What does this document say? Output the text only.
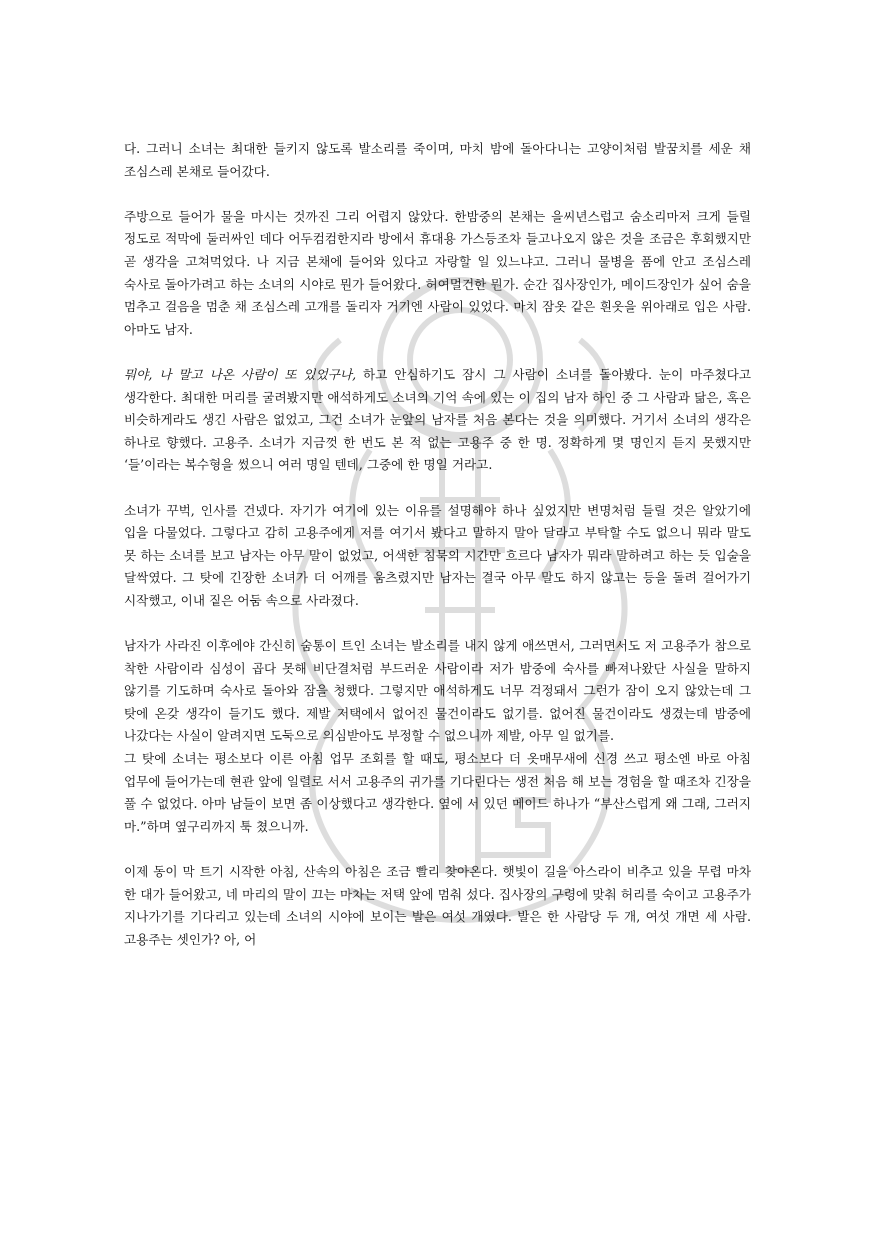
다. 그러니 소녀는 최대한 들키지 않도록 발소리를 죽이며, 마치 밤에 돌아다니는 고양이처럼 발꿈치를 세운 채 조심스레 본채로 들어갔다.

주방으로 들어가 물을 마시는 것까진 그리 어렵지 않았다. 한밤중의 본채는 을씨년스럽고 숨소리마저 크게 들릴 정도로 적막에 둘러싸인 데다 어두컴컴한지라 방에서 휴대용 가스등조차 들고나오지 않은 것을 조금은 후회했지만 곧 생각을 고쳐먹었다. 나 지금 본채에 들어와 있다고 자랑할 일 있느냐고. 그러니 물병을 품에 안고 조심스레 숙사로 돌아가려고 하는 소녀의 시야로 뭔가 들어왔다. 허여멀건한 뭔가. 순간 집사장인가, 메이드장인가 싶어 숨을 멈추고 걸음을 멈춘 채 조심스레 고개를 돌리자 거기엔 사람이 있었다. 마치 잠옷 같은 흰옷을 위아래로 입은 사람. 아마도 남자.

뭐야, 나 말고 나온 사람이 또 있었구나, 하고 안심하기도 잠시 그 사람이 소녀를 돌아봤다. 눈이 마주쳤다고 생각한다. 최대한 머리를 굴려봤지만 애석하게도 소녀의 기억 속에 있는 이 집의 남자 하인 중 그 사람과 닮은, 혹은 비슷하게라도 생긴 사람은 없었고, 그건 소녀가 눈앞의 남자를 처음 본다는 것을 의미했다. 거기서 소녀의 생각은 하나로 향했다. 고용주. 소녀가 지금껏 한 번도 본 적 없는 고용주 중 한 명. 정확하게 몇 명인지 듣지 못했지만 ‘들’이라는 복수형을 썼으니 여러 명일 텐데, 그중에 한 명일 거라고.

소녀가 꾸벅, 인사를 건넸다. 자기가 여기에 있는 이유를 설명해야 하나 싶었지만 변명처럼 들릴 것은 알았기에 입을 다물었다. 그렇다고 감히 고용주에게 저를 여기서 봤다고 말하지 말아 달라고 부탁할 수도 없으니 뭐라 말도 못 하는 소녀를 보고 남자는 아무 말이 없었고, 어색한 침묵의 시간만 흐르다 남자가 뭐라 말하려고 하는 듯 입술을 달싹였다. 그 탓에 긴장한 소녀가 더 어깨를 움츠렸지만 남자는 결국 아무 말도 하지 않고는 등을 돌려 걸어가기 시작했고, 이내 짙은 어둠 속으로 사라졌다.

남자가 사라진 이후에야 간신히 숨통이 트인 소녀는 발소리를 내지 않게 애쓰면서, 그러면서도 저 고용주가 참으로 착한 사람이라 심성이 곱다 못해 비단결처럼 부드러운 사람이라 저가 밤중에 숙사를 빠져나왔단 사실을 말하지 않기를 기도하며 숙사로 돌아와 잠을 청했다. 그렇지만 애석하게도 너무 걱정돼서 그런가 잠이 오지 않았는데 그 탓에 온갖 생각이 들기도 했다. 제발 저택에서 없어진 물건이라도 없기를. 없어진 물건이라도 생겼는데 밤중에 나갔다는 사실이 알려지면 도둑으로 의심받아도 부정할 수 없으니까 제발, 아무 일 없기를.

그 탓에 소녀는 평소보다 이른 아침 업무 조회를 할 때도, 평소보다 더 옷매무새에 신경 쓰고 평소엔 바로 아침 업무에 들어가는데 현관 앞에 일렬로 서서 고용주의 귀가를 기다린다는 생전 처음 해 보는 경험을 할 때조차 긴장을 풀 수 없었다. 아마 남들이 보면 좀 이상했다고 생각한다. 옆에 서 있던 메이드 하나가 “부산스럽게 왜 그래, 그러지 마.”하며 옆구리까지 툭 쳤으니까.

이제 동이 막 트기 시작한 아침, 산속의 아침은 조금 빨리 찾아온다. 햇빛이 길을 아스라이 비추고 있을 무렵 마차 한 대가 들어왔고, 네 마리의 말이 끄는 마차는 저택 앞에 멈춰 섰다. 집사장의 구령에 맞춰 허리를 숙이고 고용주가 지나가기를 기다리고 있는데 소녀의 시야에 보이는 발은 여섯 개였다. 발은 한 사람당 두 개, 여섯 개면 세 사람. 고용주는 셋인가? 아, 어
